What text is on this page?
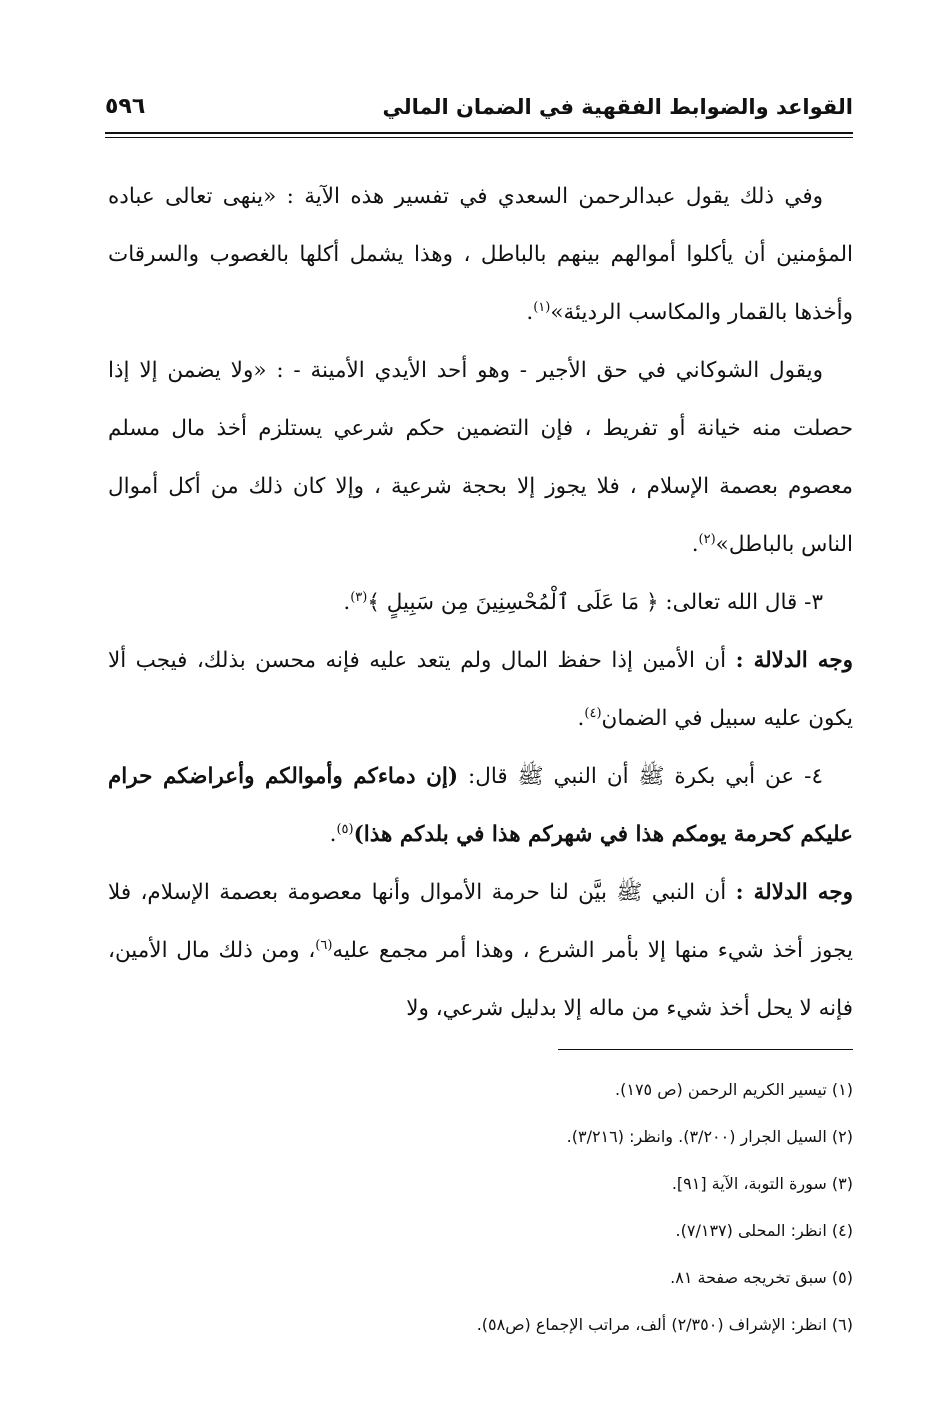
القواعد والضوابط الفقهية في الضمان المالي
٥٩٦

وفي ذلك يقول عبدالرحمن السعدي في تفسير هذه الآية : «ينهى تعالى عباده المؤمنين أن يأكلوا أموالهم بينهم بالباطل ، وهذا يشمل أكلها بالغصوب والسرقات وأخذها بالقمار والمكاسب الرديئة»$^{(١)}$.

ويقول الشوكاني في حق الأجير - وهو أحد الأيدي الأمينة - : «ولا يضمن إلا إذا حصلت منه خيانة أو تفريط ، فإن التضمين حكم شرعي يستلزم أخذ مال مسلم معصوم بعصمة الإسلام ، فلا يجوز إلا بحجة شرعية ، وإلا كان ذلك من أكل أموال الناس بالباطل»$^{(٢)}$.

٣- قال الله تعالى: ﴿ مَا عَلَى ٱلْمُحْسِنِينَ مِن سَبِيلٍ ﴾$^{(٣)}$.

وجه الدلالة : أن الأمين إذا حفظ المال ولم يتعد عليه فإنه محسن بذلك، فيجب ألا يكون عليه سبيل في الضمان$^{(٤)}$.

٤- عن أبي بكرة ﷺ أن النبي ﷺ قال: (إن دماءكم وأموالكم وأعراضكم حرام عليكم كحرمة يومكم هذا في شهركم هذا في بلدكم هذا)$^{(٥)}$.

وجه الدلالة : أن النبي ﷺ بيَّن لنا حرمة الأموال وأنها معصومة بعصمة الإسلام، فلا يجوز أخذ شيء منها إلا بأمر الشرع ، وهذا أمر مجمع عليه$^{(٦)}$، ومن ذلك مال الأمين، فإنه لا يحل أخذ شيء من ماله إلا بدليل شرعي، ولا

(١) تيسير الكريم الرحمن (ص ١٧٥).

(٢) السيل الجرار (٣/٢٠٠). وانظر: (٣/٢١٦).

(٣) سورة التوبة، الآية [٩١].

(٤) انظر: المحلى (٧/١٣٧).

(٥) سبق تخريجه صفحة ٨١.

(٦) انظر: الإشراف (٢/٣٥٠) ألف، مراتب الإجماع (ص٥٨).
